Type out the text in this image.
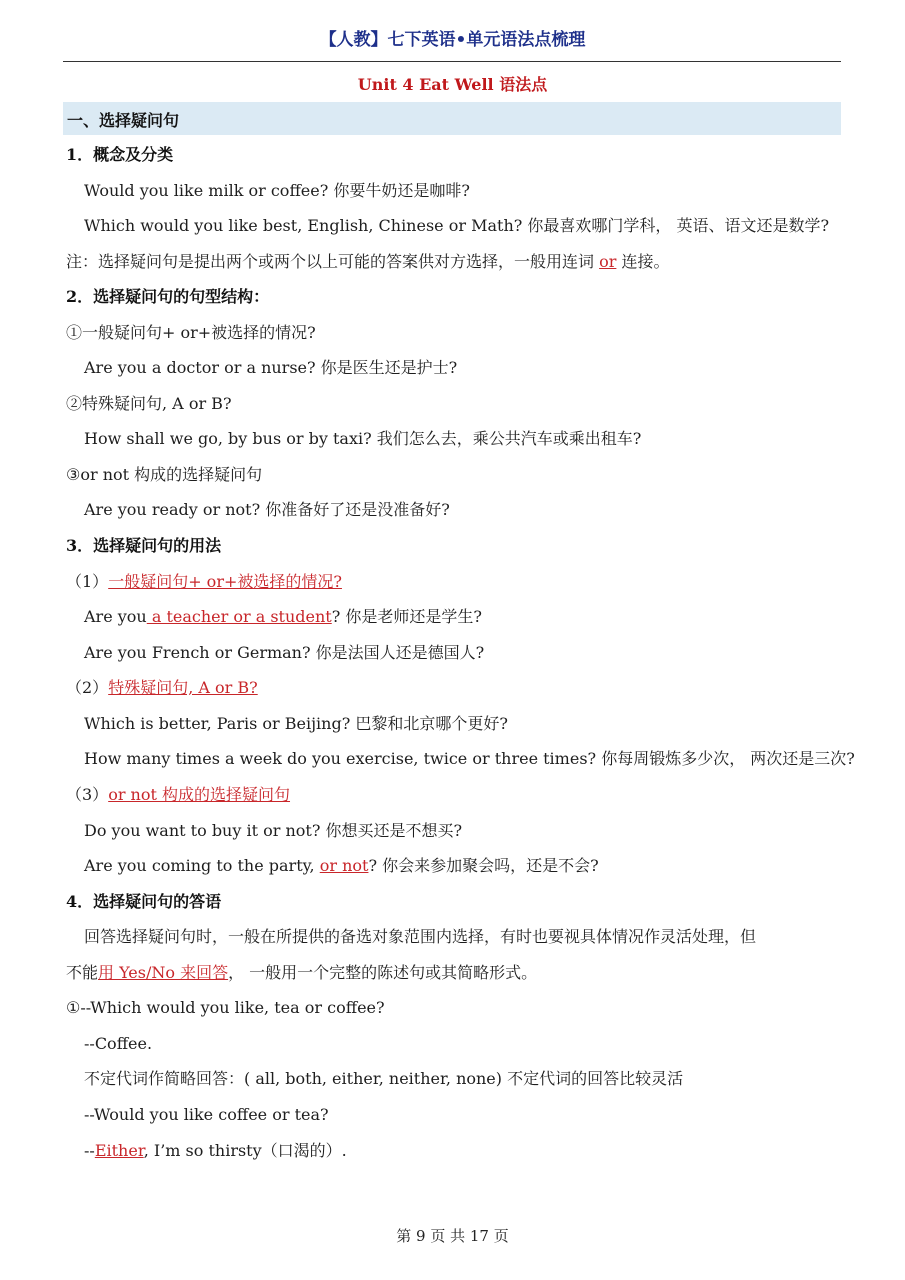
【人教】七下英语•单元语法点梳理
Unit 4 Eat Well 语法点
一、选择疑问句
1．概念及分类
Would you like milk or coffee? 你要牛奶还是咖啡?
Which would you like best, English, Chinese or Math? 你最喜欢哪门学科， 英语、语文还是数学?
注：选择疑问句是提出两个或两个以上可能的答案供对方选择，一般用连词 or 连接。
2．选择疑问句的句型结构：
①一般疑问句+ or+被选择的情况?
Are you a doctor or a nurse? 你是医生还是护士?
②特殊疑问句, A or B?
How shall we go, by bus or by taxi? 我们怎么去，乘公共汽车或乘出租车?
③or not 构成的选择疑问句
Are you ready or not? 你准备好了还是没准备好?
3．选择疑问句的用法
（1）一般疑问句+ or+被选择的情况?
Are you a teacher or a student? 你是老师还是学生?
Are you French or German? 你是法国人还是德国人?
（2）特殊疑问句, A or B?
Which is better, Paris or Beijing? 巴黎和北京哪个更好?
How many times a week do you exercise, twice or three times? 你每周锻炼多少次， 两次还是三次?
（3）or not 构成的选择疑问句
Do you want to buy it or not? 你想买还是不想买?
Are you coming to the party, or not? 你会来参加聚会吗，还是不会?
4．选择疑问句的答语
回答选择疑问句时，一般在所提供的备选对象范围内选择，有时也要视具体情况作灵活处理，但
不能用 Yes/No 来回答， 一般用一个完整的陈述句或其简略形式。
①--Which would you like, tea or coffee?
--Coffee.
不定代词作简略回答：( all, both, either, neither, none) 不定代词的回答比较灵活
--Would you like coffee or tea?
--Either, I’m so thirsty（口渴的）.
第 9 页 共 17 页
